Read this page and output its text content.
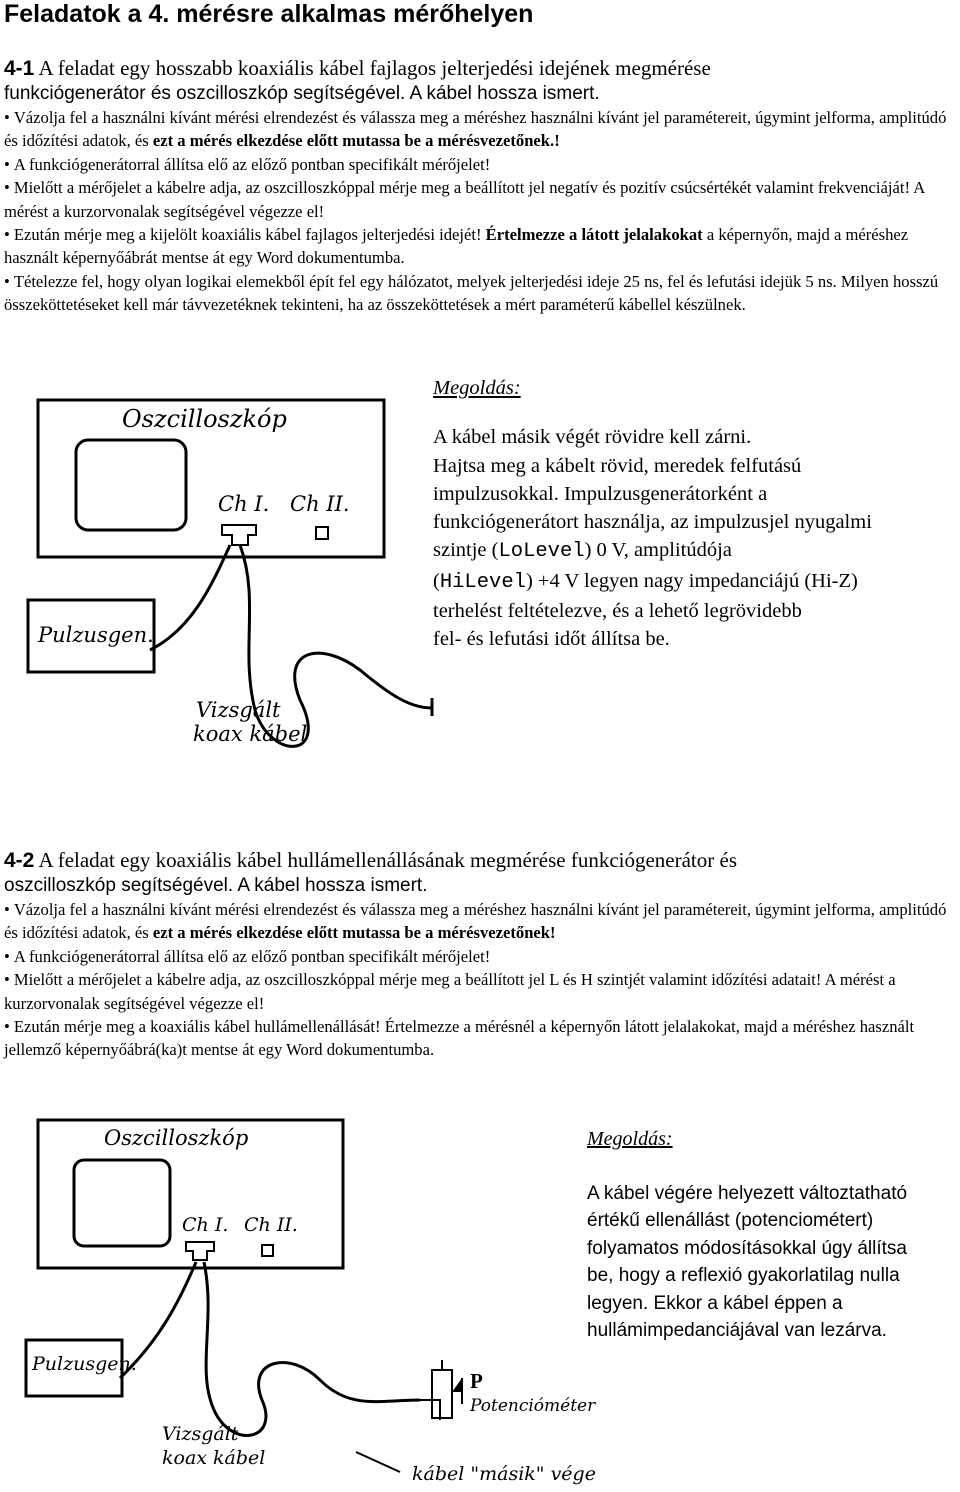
Feladatok a 4. mérésre alkalmas mérőhelyen
4-1 A feladat egy hosszabb koaxiális kábel fajlagos jelterjedési idejének megmérése
funkciógenerátor és oszcilloszkóp segítségével. A kábel hossza ismert.
• Vázolja fel a használni kívánt mérési elrendezést és válassza meg a méréshez használni kívánt jel paramétereit, úgymint jelforma, amplitúdó és időzítési adatok, és ezt a mérés elkezdése előtt mutassa be a mérésvezetőnek.!
• A funkciógenerátorral állítsa elő az előző pontban specifikált mérőjelet!
• Mielőtt a mérőjelet a kábelre adja, az oszcilloszkóppal mérje meg a beállított jel negatív és pozitív csúcsértékét valamint frekvenciáját! A mérést a kurzorvonalak segítségével végezze el!
• Ezután mérje meg a kijelölt koaxiális kábel fajlagos jelterjedési idejét! Értelmezze a látott jelalakokat a képernyőn, majd a méréshez használt képernyőábrát mentse át egy Word dokumentumba.
• Tételezze fel, hogy olyan logikai elemekből épít fel egy hálózatot, melyek jelterjedési ideje 25 ns, fel és lefutási idejük 5 ns. Milyen hosszú összeköttetéseket kell már távvezetéknek tekinteni, ha az összeköttetések a mért paraméterű kábellel készülnek.
Oszcilloszkóp
Ch I. Ch II.
Pulzusgen.
Vizsgált
koax kábel
Megoldás:
A kábel másik végét rövidre kell zárni.
Hajtsa meg a kábelt rövid, meredek felfutású
impulzusokkal. Impulzusgenerátorként a
funkciógenerátort használja, az impulzusjel nyugalmi
szintje (LoLevel) 0 V, amplitúdója
(HiLevel) +4 V legyen nagy impedanciájú (Hi-Z)
terhelést feltételezve, és a lehető legrövidebb
fel- és lefutási időt állítsa be.
4-2 A feladat egy koaxiális kábel hullámellenállásának megmérése funkciógenerátor és
oszcilloszkóp segítségével. A kábel hossza ismert.
• Vázolja fel a használni kívánt mérési elrendezést és válassza meg a méréshez használni kívánt jel paramétereit, úgymint jelforma, amplitúdó és időzítési adatok, és ezt a mérés elkezdése előtt mutassa be a mérésvezetőnek!
• A funkciógenerátorral állítsa elő az előző pontban specifikált mérőjelet!
• Mielőtt a mérőjelet a kábelre adja, az oszcilloszkóppal mérje meg a beállított jel L és H szintjét valamint időzítési adatait! A mérést a kurzorvonalak segítségével végezze el!
• Ezután mérje meg a koaxiális kábel hullámellenállását! Értelmezze a mérésnél a képernyőn látott jelalakokat, majd a méréshez használt jellemző képernyőábrá(ka)t mentse át egy Word dokumentumba.
Oszcilloszkóp
Ch I. Ch II.
Pulzusgen.
P
Potencióméter
Vizsgált
koax kábel
kábel "másik" vége
Megoldás:
A kábel végére helyezett változtatható
értékű ellenállást (potenciométert)
folyamatos módosításokkal úgy állítsa
be, hogy a reflexió gyakorlatilag nulla
legyen. Ekkor a kábel éppen a
hullámimpedanciájával van lezárva.
